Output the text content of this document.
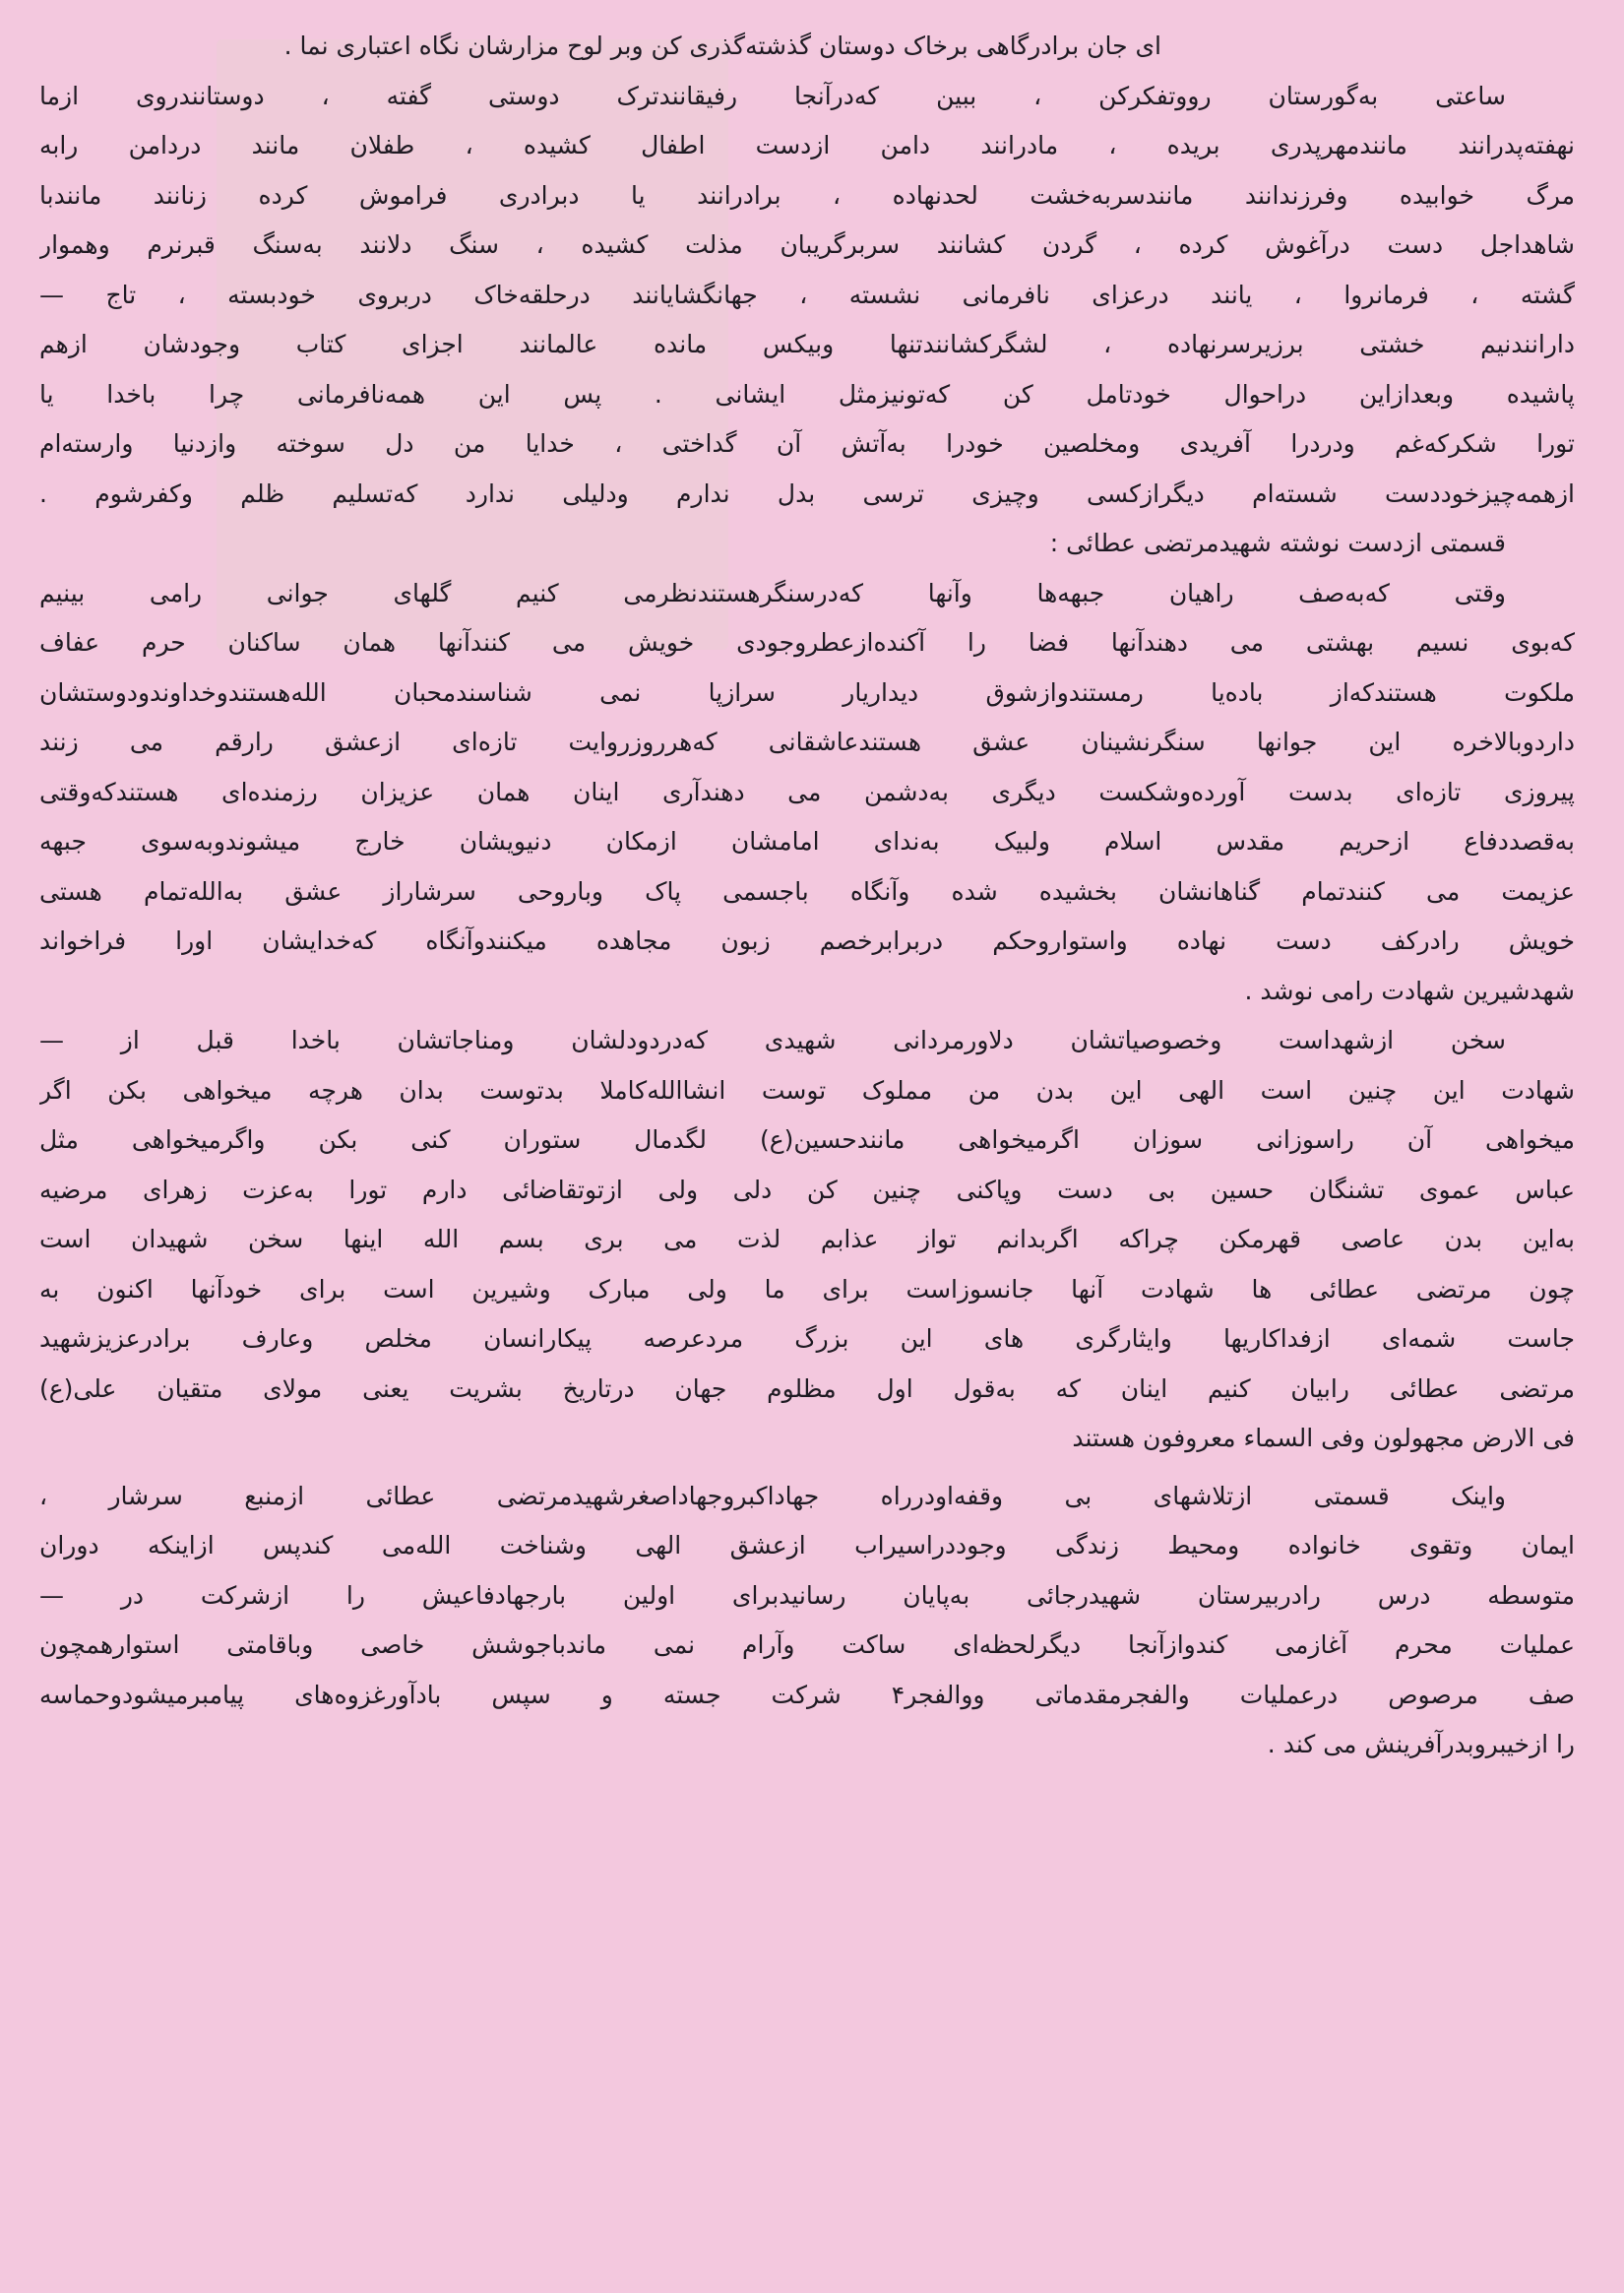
ای جان برادرگاهی برخاک دوستان گذشته‌گذری کن وبر لوح مزارشان نگاه اعتباری نما .
ساعتی به‌گورستان رووتفکرکن ، ببین که‌درآنجا رفیقانندترک دوستی گفته ، دوستانندروی ازما
نهفته‌پدرانند مانندمهرپدری بریده ، مادرانند دامن ازدست اطفال کشیده ، طفلان مانند دردامن رابه
مرگ خوابیده وفرزندانند مانندسربه‌خشت لحدنهاده ، برادرانند یا دبرادری فراموش کرده زنانند مانندبا
شاهداجل دست درآغوش کرده ، گردن کشانند سربرگریبان مذلت کشیده ، سنگ دلانند به‌سنگ قبرنرم وهموار
گشته ، فرمانروا ، یانند درعزای نافرمانی نشسته ، جهانگشایانند درحلقه‌خاک دربروی خودبسته ، تاج —
دارانندنیم خشتی برزیرسرنهاده ، لشگرکشانندتنها وبیکس مانده عالمانند اجزای کتاب وجودشان ازهم
پاشیده وبعدازاین دراحوال خودتامل کن که‌تونیزمثل ایشانی . پس این همه‌نافرمانی چرا باخدا یا
تورا شکرکه‌غم ودردرا آفریدی ومخلصین خودرا به‌آتش آن گداختی ، خدایا من دل سوخته وازدنیا وارسته‌ام
ازهمه‌چیزخوددست شسته‌ام دیگرازکسی وچیزی ترسی بدل ندارم ودلیلی ندارد که‌تسلیم ظلم وکفرشوم .
قسمتی ازدست نوشته شهیدمرتضی عطائی :
وقتی که‌به‌صف راهیان جبهه‌ها وآنها که‌درسنگرهستندنظرمی کنیم گلهای جوانی رامی بینیم
که‌بوی نسیم بهشتی می دهندآنها فضا را آکنده‌ازعطروجودی خویش می کنندآنها همان ساکنان حرم عفاف
ملکوت هستندکه‌از باده‌یا رمستندوازشوق دیداریار سرازپا نمی شناسندمحبان الله‌هستندوخداوندودوستشان
داردوبالاخره این جوانها سنگرنشینان عشق هستندعاشقانی که‌هرروزروایت تازه‌ای ازعشق رارقم می زنند
پیروزی تازه‌ای بدست آورده‌وشکست دیگری به‌دشمن می دهندآری اینان همان عزیزان رزمنده‌ای هستندکه‌وقتی
به‌قصددفاع ازحریم مقدس اسلام ولبیک به‌ندای امامشان ازمکان دنیویشان خارج میشوندوبه‌سوی جبهه
عزیمت می کنندتمام گناهانشان بخشیده شده وآنگاه باجسمی پاک وباروحی سرشاراز عشق به‌الله‌تمام هستی
خویش رادرکف دست نهاده واستواروحکم دربرابرخصم زبون مجاهده میکنندوآنگاه که‌خدایشان اورا فراخواند
شهدشیرین شهادت رامی نوشد .
سخن ازشهداست وخصوصیاتشان دلاورمردانی شهیدی که‌دردودلشان ومناجاتشان باخدا قبل از —
شهادت این چنین است الهی این بدن من مملوک توست انشاالله‌کاملا بدتوست بدان هرچه میخواهی بکن اگر
میخواهی آن راسوزانی سوزان اگرمیخواهی مانندحسین(ع) لگدمال ستوران کنی بکن واگرمیخواهی مثل
عباس عموی تشنگان حسین بی دست وپاکنی چنین کن دلی ولی ازتوتقاضائی دارم تورا به‌عزت زهرای مرضیه
به‌این بدن عاصی قهرمکن چراکه اگربدانم تواز عذابم لذت می بری بسم الله اینها سخن شهیدان است
چون مرتضی عطائی ها شهادت آنها جانسوزاست برای ما ولی مبارک وشیرین است برای خودآنها اکنون به
جاست شمه‌ای ازفداکاریها وایثارگری های این بزرگ مردعرصه پیکارانسان مخلص وعارف برادرعزیزشهید
مرتضی عطائی رابیان کنیم اینان که به‌قول اول مظلوم جهان درتاریخ بشریت یعنی مولای متقیان علی(ع)
فی الارض مجهولون وفی السماء معروفون هستند
واینک قسمتی ازتلاشهای بی وقفه‌اودرراه جهاداکبروجهاداصغرشهیدمرتضی عطائی ازمنبع سرشار ،
ایمان وتقوی خانواده ومحیط زندگی وجوددراسیراب ازعشق الهی وشناخت الله‌می کندپس ازاینکه دوران
متوسطه درس رادربیرستان شهیدرجائی به‌پایان رسانیدبرای اولین بارجهادفاعیش را ازشرکت در —
عملیات محرم آغازمی کندوازآنجا دیگرلحظه‌ای ساکت وآرام نمی ماندباجوشش خاصی وباقامتی استوارهمچون
صف مرصوص درعملیات والفجرمقدماتی ووالفجر۴ شرکت جسته و سپس بادآورغزوه‌های پیامبرمیشودوحماسه
را ازخیبروبدرآفرینش می کند .
